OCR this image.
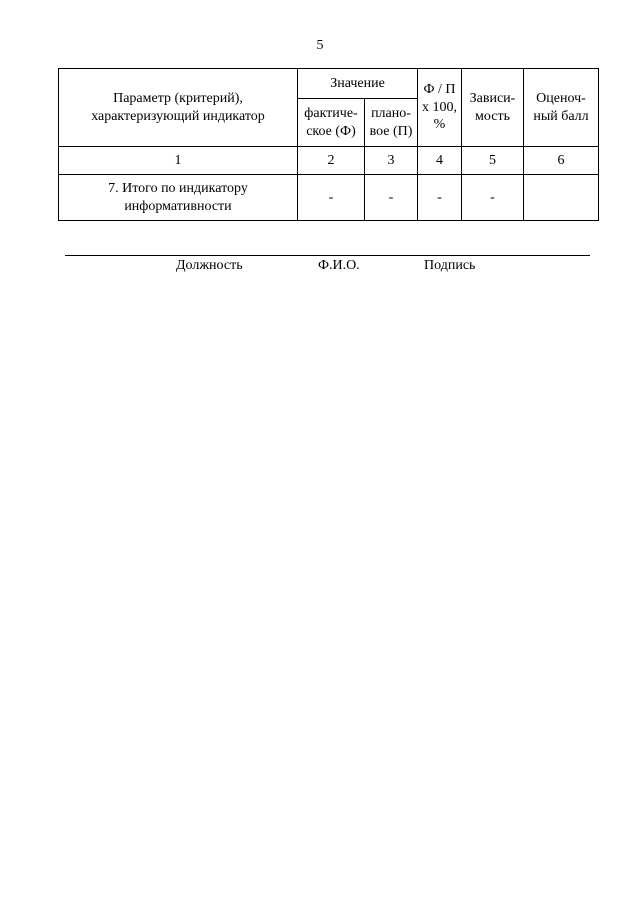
5
Параметр (критерий), характеризующий индикатор	Значение		Ф / П x 100, %	Зависи-мость	Оценоч-ный балл
	фактиче-ское (Ф)	плано-вое (П)			
1	2	3	4	5	6
7. Итого по индикатору информативности	-	-	-	-	
Должность	Ф.И.О.	Подпись
